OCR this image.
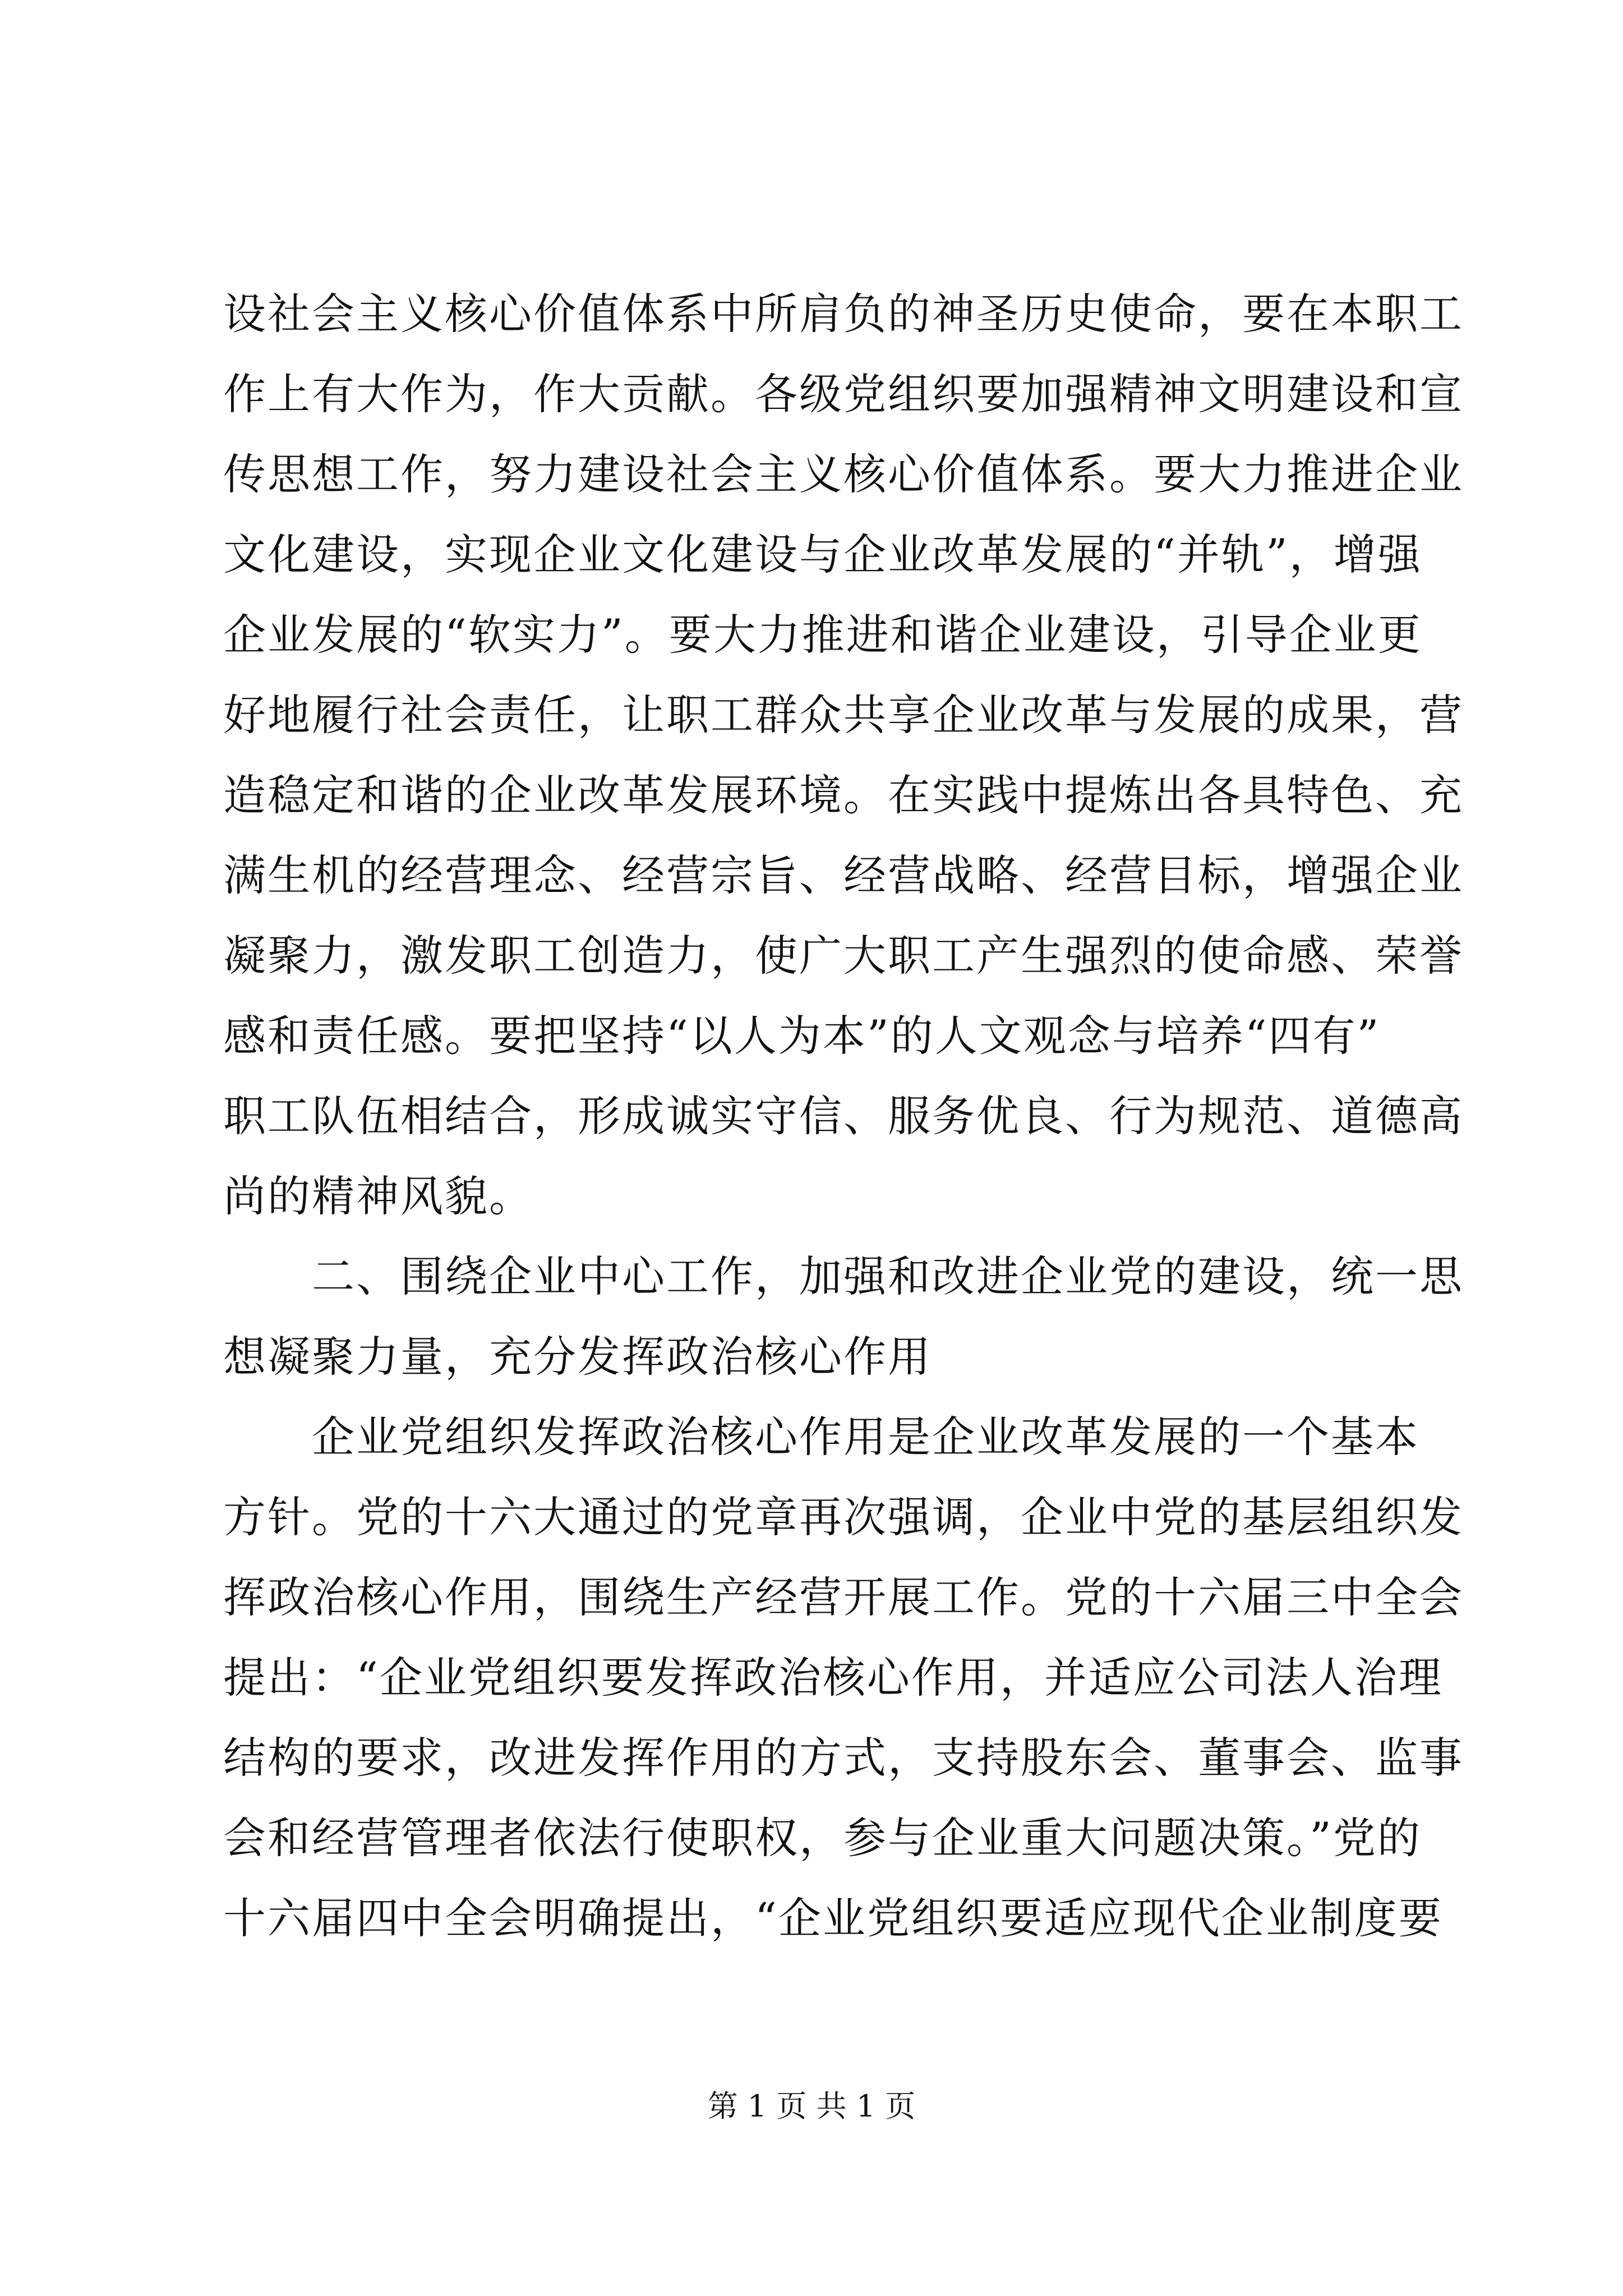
设社会主义核心价值体系中所肩负的神圣历史使命，要在本职工
作上有大作为，作大贡献。各级党组织要加强精神文明建设和宣
传思想工作，努力建设社会主义核心价值体系。要大力推进企业
文化建设，实现企业文化建设与企业改革发展的“并轨”，增强
企业发展的“软实力”。要大力推进和谐企业建设，引导企业更
好地履行社会责任，让职工群众共享企业改革与发展的成果，营
造稳定和谐的企业改革发展环境。在实践中提炼出各具特色、充
满生机的经营理念、经营宗旨、经营战略、经营目标，增强企业
凝聚力，激发职工创造力，使广大职工产生强烈的使命感、荣誉
感和责任感。要把坚持“以人为本”的人文观念与培养“四有”
职工队伍相结合，形成诚实守信、服务优良、行为规范、道德高
尚的精神风貌。
二、围绕企业中心工作，加强和改进企业党的建设，统一思
想凝聚力量，充分发挥政治核心作用
企业党组织发挥政治核心作用是企业改革发展的一个基本
方针。党的十六大通过的党章再次强调，企业中党的基层组织发
挥政治核心作用，围绕生产经营开展工作。党的十六届三中全会
提出：“企业党组织要发挥政治核心作用，并适应公司法人治理
结构的要求，改进发挥作用的方式，支持股东会、董事会、监事
会和经营管理者依法行使职权，参与企业重大问题决策。”党的
十六届四中全会明确提出，“企业党组织要适应现代企业制度要
第 1 页 共 1 页
